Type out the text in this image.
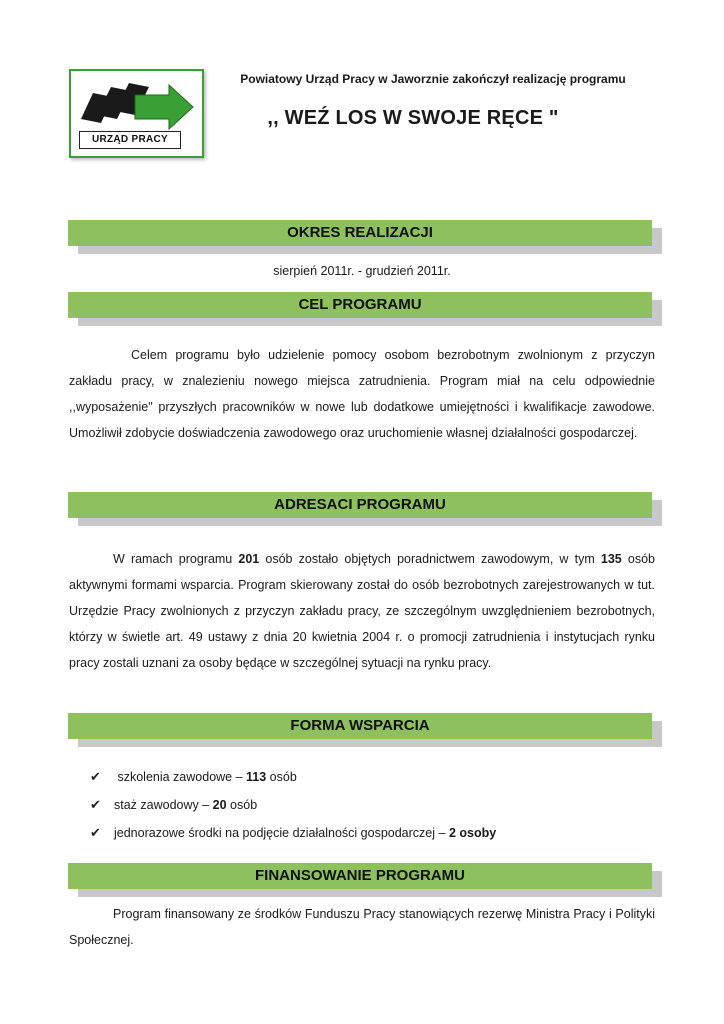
URZĄD PRACY
Powiatowy Urząd Pracy w Jaworznie zakończył realizację programu
,, WEŹ LOS W SWOJE RĘCE "
OKRES REALIZACJI
sierpień 2011r. - grudzień 2011r.
CEL PROGRAMU
Celem programu było udzielenie pomocy osobom bezrobotnym zwolnionym z przyczyn zakładu pracy, w znalezieniu nowego miejsca zatrudnienia. Program miał na celu odpowiednie ,,wyposażenie" przyszłych pracowników w nowe lub dodatkowe umiejętności i kwalifikacje zawodowe. Umożliwił zdobycie doświadczenia zawodowego oraz uruchomienie własnej działalności gospodarczej.
ADRESACI PROGRAMU
W ramach programu 201 osób zostało objętych poradnictwem zawodowym, w tym 135 osób aktywnymi formami wsparcia. Program skierowany został do osób bezrobotnych zarejestrowanych w tut. Urzędzie Pracy zwolnionych z przyczyn zakładu pracy, ze szczególnym uwzględnieniem bezrobotnych, którzy w świetle art. 49 ustawy z dnia 20 kwietnia 2004 r. o promocji zatrudnienia i instytucjach rynku pracy zostali uznani za osoby będące w szczególnej sytuacji na rynku pracy.
FORMA WSPARCIA
✔ szkolenia zawodowe – 113 osób
✔ staż zawodowy – 20 osób
✔ jednorazowe środki na podjęcie działalności gospodarczej – 2 osoby
FINANSOWANIE PROGRAMU
Program finansowany ze środków Funduszu Pracy stanowiących rezerwę Ministra Pracy i Polityki Społecznej.
